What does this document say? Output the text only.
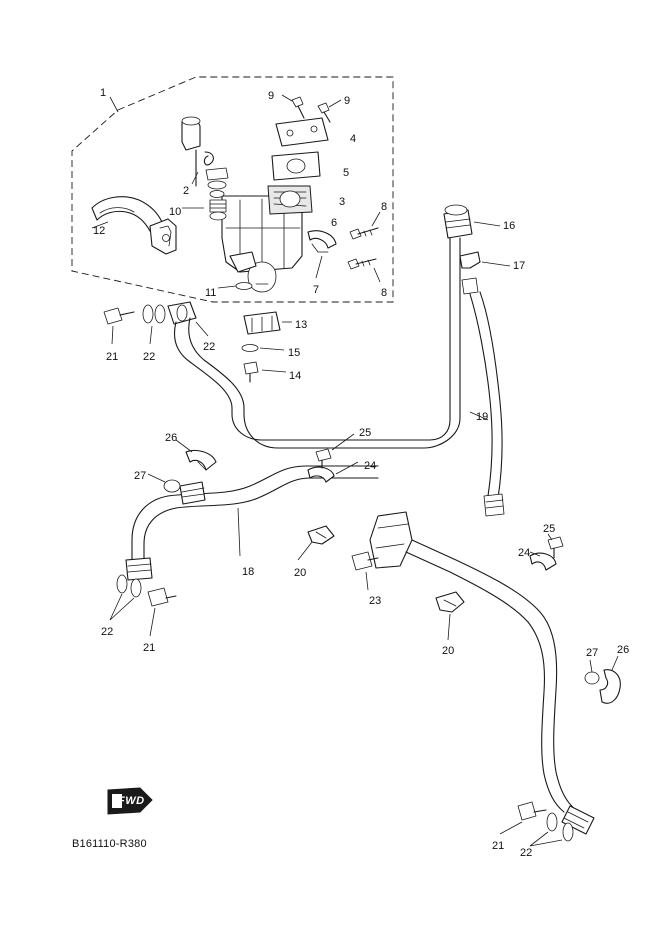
FWD
B161110-R380
1	9	9
4
5
2
3
10
6
8
12	16
17
8
7
11
13
21 22
22	15
14
19
26	25
24
27
18	20
23
25
24
22
21	20	27 26
21
22
